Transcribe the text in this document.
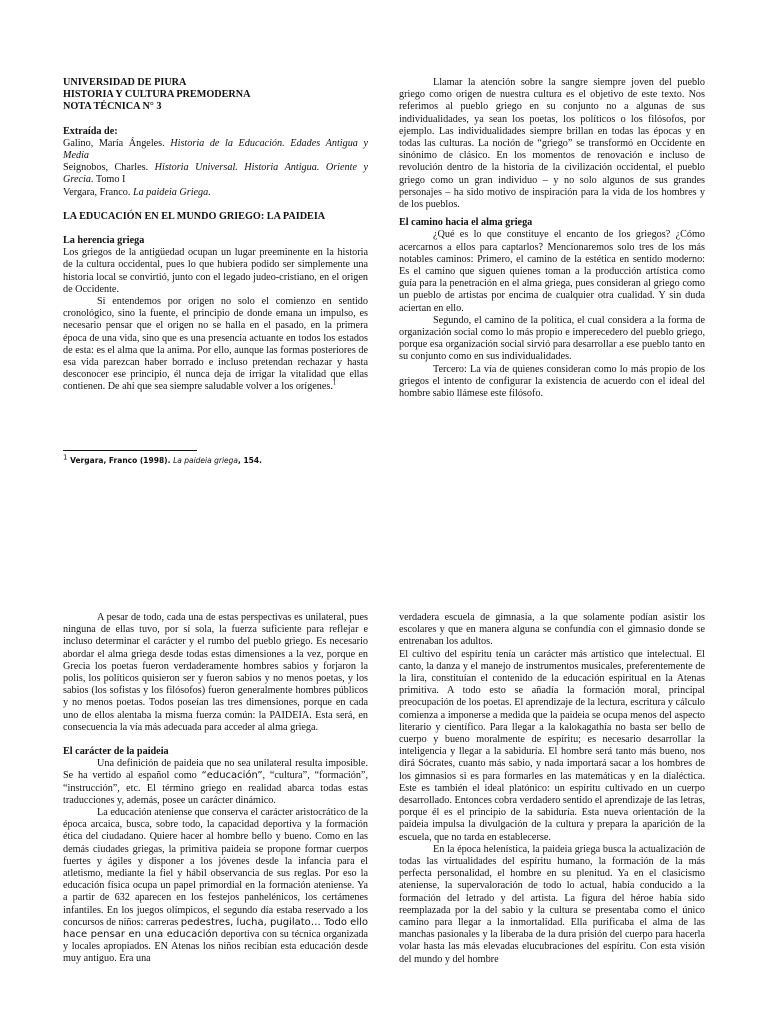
UNIVERSIDAD DE PIURA
HISTORIA Y CULTURA PREMODERNA
NOTA TÉCNICA N° 3
Extraída de:

Galino, María Ángeles. Historia de la Educación. Edades Antigua y Media

Seignobos, Charles. Historia Universal. Historia Antigua. Oriente y Grecia. Tomo I

Vergara, Franco. La paideia Griega.

LA EDUCACIÓN EN EL MUNDO GRIEGO: LA PAIDEIA

La herencia griega

Los griegos de la antigüedad ocupan un lugar preeminente en la historia de la cultura occidental, pues lo que hubiera podido ser simplemente una historia local se convirtió, junto con el legado judeo-cristiano, en el origen de Occidente.

Si entendemos por origen no solo el comienzo en sentido cronológico, sino la fuente, el principio de donde emana un impulso, es necesario pensar que el origen no se halla en el pasado, en la primera época de una vida, sino que es una presencia actuante en todos los estados de esta: es el alma que la anima. Por ello, aunque las formas posteriores de esa vida parezcan haber borrado e incluso pretendan rechazar y hasta desconocer ese principio, él nunca deja de irrigar la vitalidad que ellas contienen. De ahí que sea siempre saludable volver a los orígenes.$^1$

$^1$ Vergara, Franco (1998). La paideia griega, 154.

Llamar la atención sobre la sangre siempre joven del pueblo griego como origen de nuestra cultura es el objetivo de este texto. Nos referimos al pueblo griego en su conjunto no a algunas de sus individualidades, ya sean los poetas, los políticos o los filósofos, por ejemplo. Las individualidades siempre brillan en todas las épocas y en todas las culturas. La noción de “griego” se transformó en Occidente en sinónimo de clásico. En los momentos de renovación e incluso de revolución dentro de la historia de la civilización occidental, el pueblo griego como un gran individuo – y no solo algunos de sus grandes personajes – ha sido motivo de inspiración para la vida de los hombres y de los pueblos.

El camino hacia el alma griega

¿Qué es lo que constituye el encanto de los griegos? ¿Cómo acercarnos a ellos para captarlos? Mencionaremos solo tres de los más notables caminos: Primero, el camino de la estética en sentido moderno: Es el camino que siguen quienes toman a la producción artística como guía para la penetración en el alma griega, pues consideran al griego como un pueblo de artistas por encima de cualquier otra cualidad. Y sin duda aciertan en ello.

Segundo, el camino de la política, el cual considera a la forma de organización social como lo más propio e imperecedero del pueblo griego, porque esa organización social sirvió para desarrollar a ese pueblo tanto en su conjunto como en sus individualidades.

Tercero: La vía de quienes consideran como lo más propio de los griegos el intento de configurar la existencia de acuerdo con el ideal del hombre sabio llámese este filósofo.

A pesar de todo, cada una de estas perspectivas es unilateral, pues ninguna de ellas tuvo, por sí sola, la fuerza suficiente para reflejar e incluso determinar el carácter y el rumbo del pueblo griego. Es necesario abordar el alma griega desde todas estas dimensiones a la vez, porque en Grecia los poetas fueron verdaderamente hombres sabios y forjaron la polis, los políticos quisieron ser y fueron sabios y no menos poetas, y los sabios (los sofistas y los filósofos) fueron generalmente hombres públicos y no menos poetas. Todos poseían las tres dimensiones, porque en cada uno de ellos alentaba la misma fuerza común: la PAIDEIA. Esta será, en consecuencia la vía más adecuada para acceder al alma griega.

El carácter de la paideia

Una definición de paideia que no sea unilateral resulta imposible. Se ha vertido al español como “educación”, “cultura”, “formación”, “instrucción”, etc. El término griego en realidad abarca todas estas traducciones y, además, posee un carácter dinámico.

La educación ateniense que conserva el carácter aristocrático de la época arcaica, busca, sobre todo, la capacidad deportiva y la formación ética del ciudadano. Quiere hacer al hombre bello y bueno. Como en las demás ciudades griegas, la primitiva paideia se propone formar cuerpos fuertes y ágiles y disponer a los jóvenes desde la infancia para el atletismo, mediante la fiel y hábil observancia de sus reglas. Por eso la educación física ocupa un papel primordial en la formación ateniense. Ya a partir de 632 aparecen en los festejos panhelénicos, los certámenes infantiles. En los juegos olímpicos, el segundo día estaba reservado a los concursos de niños: carreras pedestres, lucha, pugilato… Todo ello hace pensar en una educación deportiva con su técnica organizada y locales apropiados. EN Atenas los niños recibían esta educación desde muy antiguo. Era una

verdadera escuela de gimnasia, a la que solamente podían asistir los escolares y que en manera alguna se confundía con el gimnasio donde se entrenaban los adultos.

El cultivo del espíritu tenía un carácter más artístico que intelectual. El canto, la danza y el manejo de instrumentos musicales, preferentemente de la lira, constituían el contenido de la educación espiritual en la Atenas primitiva. A todo esto se añadía la formación moral, principal preocupación de los poetas. El aprendizaje de la lectura, escritura y cálculo comienza a imponerse a medida que la paideia se ocupa menos del aspecto literario y científico. Para llegar a la kalokagathía no basta ser bello de cuerpo y bueno moralmente de espíritu; es necesario desarrollar la inteligencia y llegar a la sabiduría. El hombre será tanto más bueno, nos dirá Sócrates, cuanto más sabio, y nada importará sacar a los hombres de los gimnasios si es para formarles en las matemáticas y en la dialéctica. Este es también el ideal platónico: un espíritu cultivado en un cuerpo desarrollado. Entonces cobra verdadero sentido el aprendizaje de las letras, porque él es el principio de la sabiduría. Esta nueva orientación de la paideia impulsa la divulgación de la cultura y prepara la aparición de la escuela, que no tarda en establecerse.

En la época helenística, la paideia griega busca la actualización de todas las virtualidades del espíritu humano, la formación de la más perfecta personalidad, el hombre en su plenitud. Ya en el clasicismo ateniense, la supervaloración de todo lo actual, había conducido a la formación del letrado y del artista. La figura del héroe había sido reemplazada por la del sabio y la cultura se presentaba como el único camino para llegar a la inmortalidad. Ella purificaba el alma de las manchas pasionales y la liberaba de la dura prisión del cuerpo para hacerla volar hasta las más elevadas elucubraciones del espíritu. Con esta visión del mundo y del hombre
